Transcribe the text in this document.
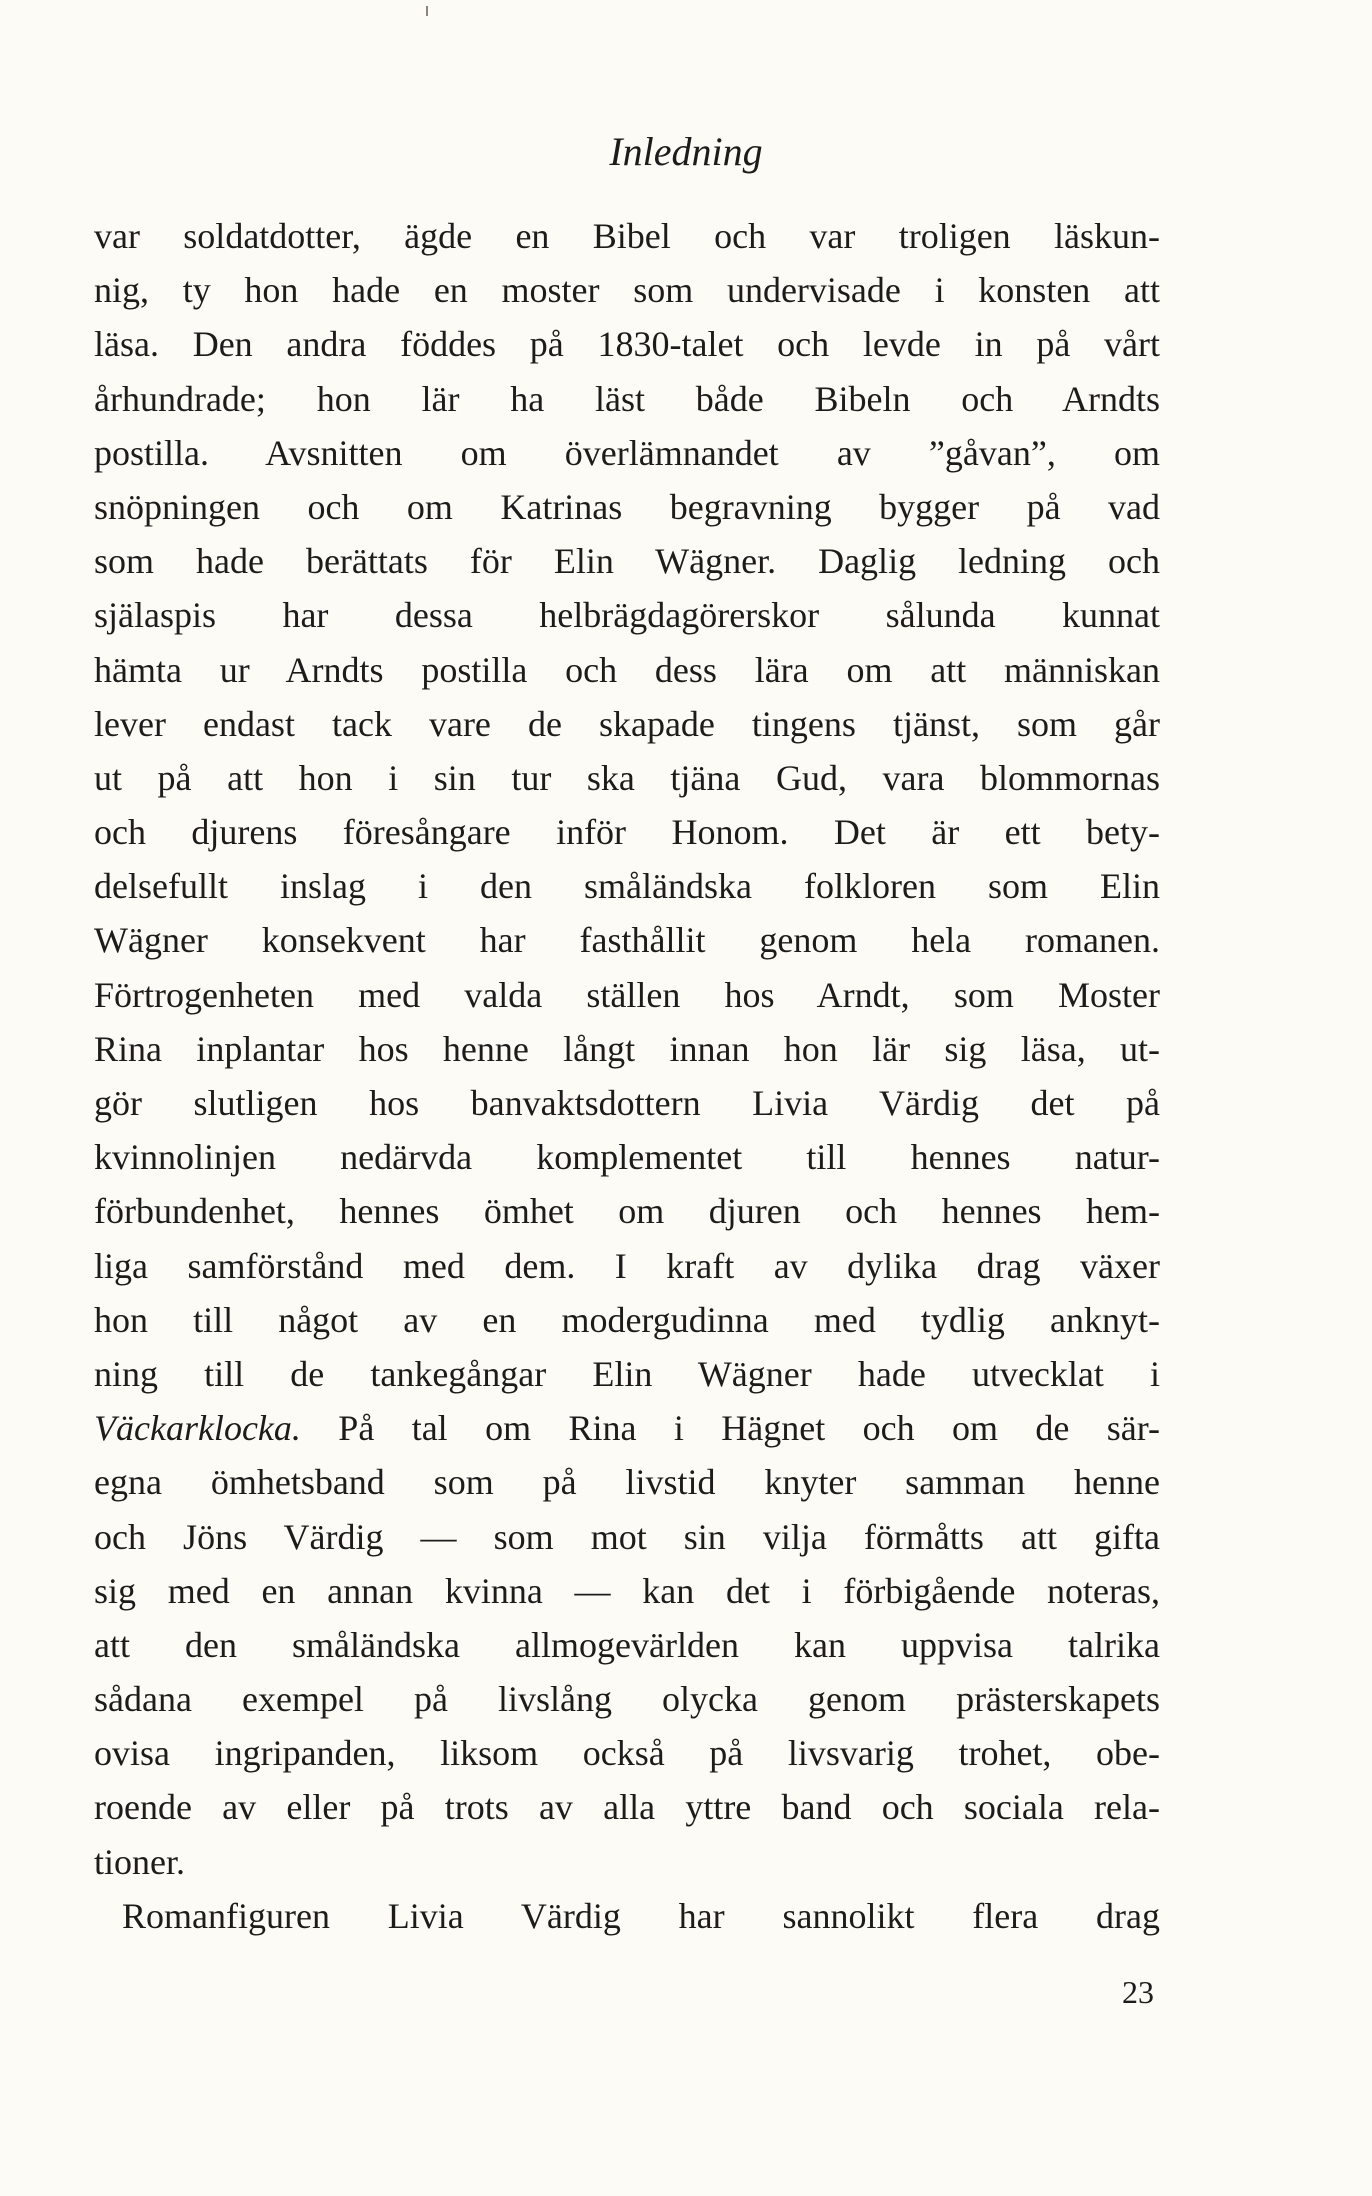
Inledning
var soldatdotter, ägde en Bibel och var troligen läskun-
nig, ty hon hade en moster som undervisade i konsten att
läsa. Den andra föddes på 1830-talet och levde in på vårt
århundrade; hon lär ha läst både Bibeln och Arndts
postilla. Avsnitten om överlämnandet av ”gåvan”, om
snöpningen och om Katrinas begravning bygger på vad
som hade berättats för Elin Wägner. Daglig ledning och
själaspis har dessa helbrägdagörerskor sålunda kunnat
hämta ur Arndts postilla och dess lära om att människan
lever endast tack vare de skapade tingens tjänst, som går
ut på att hon i sin tur ska tjäna Gud, vara blommornas
och djurens föresångare inför Honom. Det är ett bety-
delsefullt inslag i den småländska folkloren som Elin
Wägner konsekvent har fasthållit genom hela romanen.
Förtrogenheten med valda ställen hos Arndt, som Moster
Rina inplantar hos henne långt innan hon lär sig läsa, ut-
gör slutligen hos banvaktsdottern Livia Värdig det på
kvinnolinjen nedärvda komplementet till hennes natur-
förbundenhet, hennes ömhet om djuren och hennes hem-
liga samförstånd med dem. I kraft av dylika drag växer
hon till något av en modergudinna med tydlig anknyt-
ning till de tankegångar Elin Wägner hade utvecklat i
Väckarklocka. På tal om Rina i Hägnet och om de sär-
egna ömhetsband som på livstid knyter samman henne
och Jöns Värdig — som mot sin vilja förmåtts att gifta
sig med en annan kvinna — kan det i förbigående noteras,
att den småländska allmogevärlden kan uppvisa talrika
sådana exempel på livslång olycka genom prästerskapets
ovisa ingripanden, liksom också på livsvarig trohet, obe-
roende av eller på trots av alla yttre band och sociala rela-
tioner.
Romanfiguren Livia Värdig har sannolikt flera drag
23
